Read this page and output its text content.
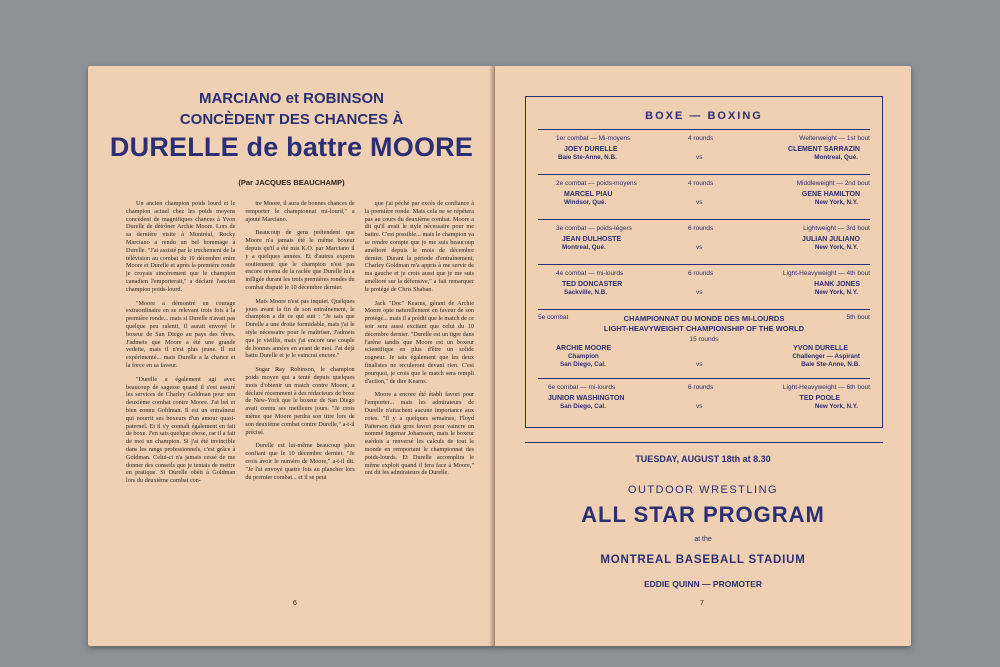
MARCIANO et ROBINSON
CONCÈDENT DES CHANCES À
DURELLE de battre MOORE
(Par JACQUES BEAUCHAMP)

Un ancien champion poids lourd et le champion actuel chez les poids moyens concèdent de magnifiques chances à Yvon Durelle de détrôner Archie Moore. Lors de sa dernière visite à Montréal, Rocky Marciano a rendu un bel hommage à Durelle. "J'ai assisté par le truchement de la télévision au combat du 10 décembre entre Moore et Durelle et après la première ronde je croyais sincèrement que le champion canadien l'emporterait," a déclaré l'ancien champion poids-lourd.

"Moore a démontré un courage extraordinaire en se relevant trois fois à la première ronde... mais si Durelle n'avait pas quelque peu ralenti, il aurait envoyé le boxeur de San Diego au pays des rêves. J'admets que Moore a été une grande vedette, mais il n'est plus jeune. Il est expérimenté... mais Durelle a la chance et la force en sa faveur.

"Durelle a également agi avec beaucoup de sagesse quand il s'est assuré les services de Charley Goldman pour son deuxième combat contre Moore. J'ai bel et bien connu Goldman. Il est un entraîneur qui nourrit ses boxeurs d'un amour quasi-paternel. Et il s'y connaît également en fait de boxe. J'en sais quelque chose, car il a fait de moi un champion. Si j'ai été invincible dans les rangs professionnels, c'est grâce à Goldman. Celui-ci n'a jamais cessé de me donner des conseils que je tentais de mettre en pratique. Si Durelle obéit à Goldman lors du deuxième combat con-

tre Moore, il aura de bonnes chances de remporter le championnat mi-lourd," a ajouté Marciano.

Beaucoup de gens prétendent que Moore n'a jamais été le même boxeur depuis qu'il a été mis K.O. par Marciano il y a quelques années. Et d'autres experts soutiennent que le champion n'est pas encore revenu de la raclée que Durelle lui a infligée durant les trois premières rondes du combat disputé le 10 décembre dernier.

Mais Moore n'est pas inquiet. Quelques jours avant la fin de son entraînement, le champion a dit ce qui suit : "Je sais que Durelle a une droite formidable, mais j'ai le style nécessaire pour le maîtriser. J'admets que je vieillis, mais j'ai encore une couple de bonnes années en avant de moi. J'ai déjà battu Durelle et je le vaincrai encore."

Sugar Ray Robinson, le champion poids moyen qui a tenté depuis quelques mois d'obtenir un match contre Moore, a déclaré récemment à des rédacteurs de boxe de New-York que le boxeur de San Diego avait connu ses meilleurs jours. "Je crois même que Moore perdra son titre lors de son deuxième combat contre Durelle," a-t-il précisé.

Durelle est lui-même beaucoup plus confiant que le 10 décembre dernier. "Je crois avoir le numéro de Moore," a-t-il dit. "Je l'ai envoyé quatre fois au plancher lors du premier combat... et il se peut

que j'ai péché par excès de confiance à la première ronde. Mais cela ne se répétera pas au cours du deuxième combat. Moore a dit qu'il avait le style nécessaire pour me battre. C'est possible... mais le champion va se rendre compte que je me suis beaucoup amélioré depuis le mois de décembre dernier. Durant la période d'entraînement, Charley Goldman m'a appris à me servir de ma gauche et je crois aussi que je me suis amélioré sur la défensive," a fait remarquer le protégé de Chris Shaban.

Jack "Doc" Kearns, gérant de Archie Moore opte naturellement en faveur de son protégé... mais il a prédit que le match de ce soir sera aussi excitant que celui du 10 décembre dernier. "Durelle est un tigre dans l'arène tandis que Moore est un boxeur scientifique en plus d'être un solide cogneur. Je sais également que les deux finalistes ne reculeront devant rien. C'est pourquoi, je crois que le match sera rempli d'action," de dire Kearns.

Moore a encore été établi favori pour l'emporter... mais les admirateurs de Durelle n'attachent aucune importance aux cotes. "Il y a quelques semaines, Floyd Patterson était gros favori pour vaincre un nommé Ingemar Johansson, mais le boxeur suédois a renversé les calculs de tout le monde en remportant le championnat des poids-lourds. Et Durelle accomplira le même exploit quand il fera face à Moore," ont dit les admirateurs de Durelle.

6
BOXE — BOXING
1er combat — Mi-moyens	4 rounds	Welterweight — 1st bout
JOEY DURELLE	CLEMENT SARRAZIN
Baie Ste-Anne, N.B.	vs	Montreal, Qué.
2e combat — poids-moyens	4 rounds	Middleweight — 2nd bout
MARCEL PIAU	GENE HAMILTON
Windsor, Qué.	vs	New York, N.Y.
3e combat — poids-légers	6 rounds	Lightweight — 3rd bout
JEAN DULHOSTE	JULIAN JULIANO
Montreal, Qué.	vs	New York, N.Y.
4e combat — mi-lourds	6 rounds	Light-Heavyweight — 4th bout
TED DONCASTER	HANK JONES
Sackville, N.B.	vs	New York, N.Y.
5e combat	5th bout
CHAMPIONNAT DU MONDE DES MI-LOURDS
LIGHT-HEAVYWEIGHT CHAMPIONSHIP OF THE WORLD
15 rounds
ARCHIE MOORE	YVON DURELLE
Champion	Challenger — Aspirant
San Diego, Cal.	vs	Baie Ste-Anne, N.B.
6e combat — mi-lourds	6 rounds	Light-Heavyweight — 6th bout
JUNIOR WASHINGTON	TED POOLE
San Diego, Cal.	vs	New York, N.Y.
TUESDAY, AUGUST 18th at 8.30
OUTDOOR WRESTLING
ALL STAR PROGRAM
at the
MONTREAL BASEBALL STADIUM
EDDIE QUINN — PROMOTER
7
